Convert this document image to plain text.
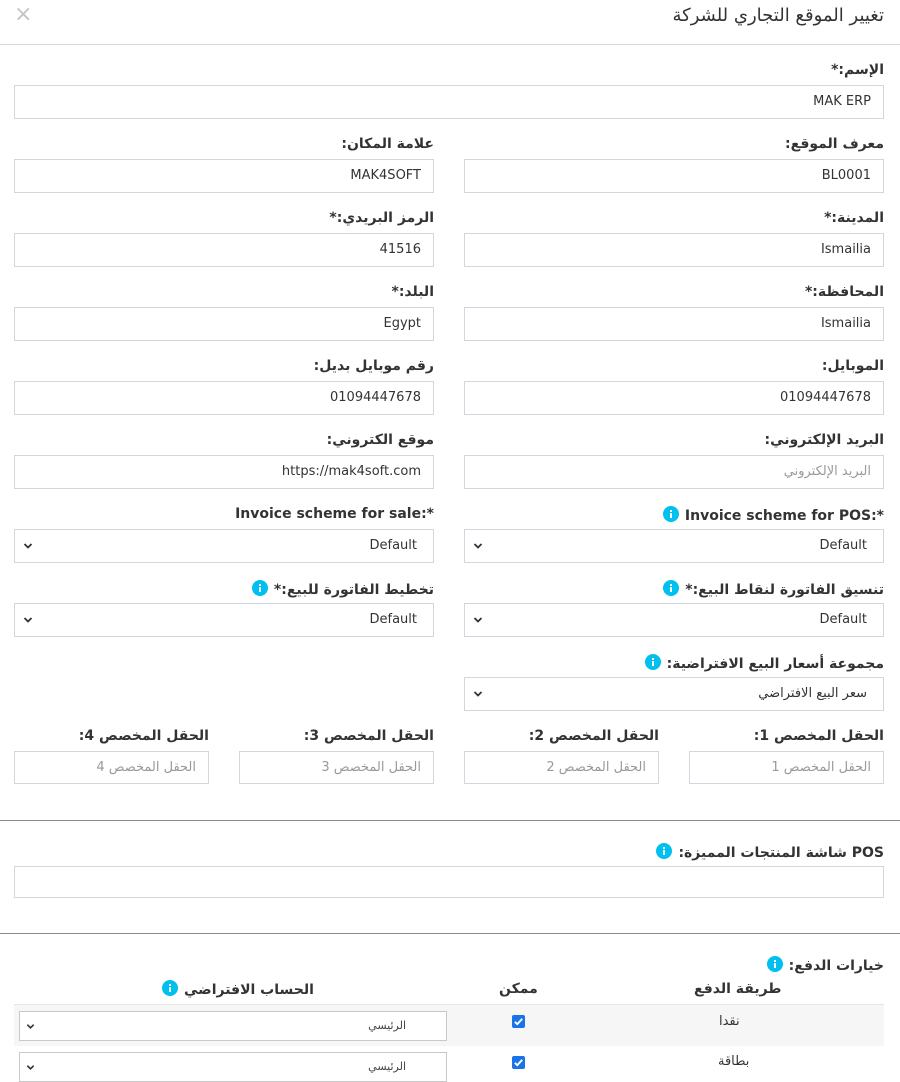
تغيير الموقع التجاري للشركة
×
الإسم:*
MAK ERP
معرف الموقع:
BL0001
علامة المكان:
MAK4SOFT
المدينة:*
Ismailia
الرمز البريدي:*
41516
المحافظة:*
Ismailia
البلد:*
Egypt
الموبايل:
01094447678
رقم موبايل بديل:
01094447678
البريد الإلكتروني:
البريد الإلكتروني
موقع الكتروني:
https://mak4soft.com
Invoice scheme for POS:*
Default
Invoice scheme for sale:*
Default
تنسيق الفاتورة لنقاط البيع:*
Default
تخطيط الفاتورة للبيع:*
Default
مجموعة أسعار البيع الافتراضية:
سعر البيع الافتراضي
الحقل المخصص 1:
الحقل المخصص 1
الحقل المخصص 2:
الحقل المخصص 2
الحقل المخصص 3:
الحقل المخصص 3
الحقل المخصص 4:
الحقل المخصص 4
POS شاشة المنتجات المميزة:
خيارات الدفع:
طريقة الدفع
ممكن
الحساب الافتراضي
نقدا
الرئيسي
بطاقة
الرئيسي
